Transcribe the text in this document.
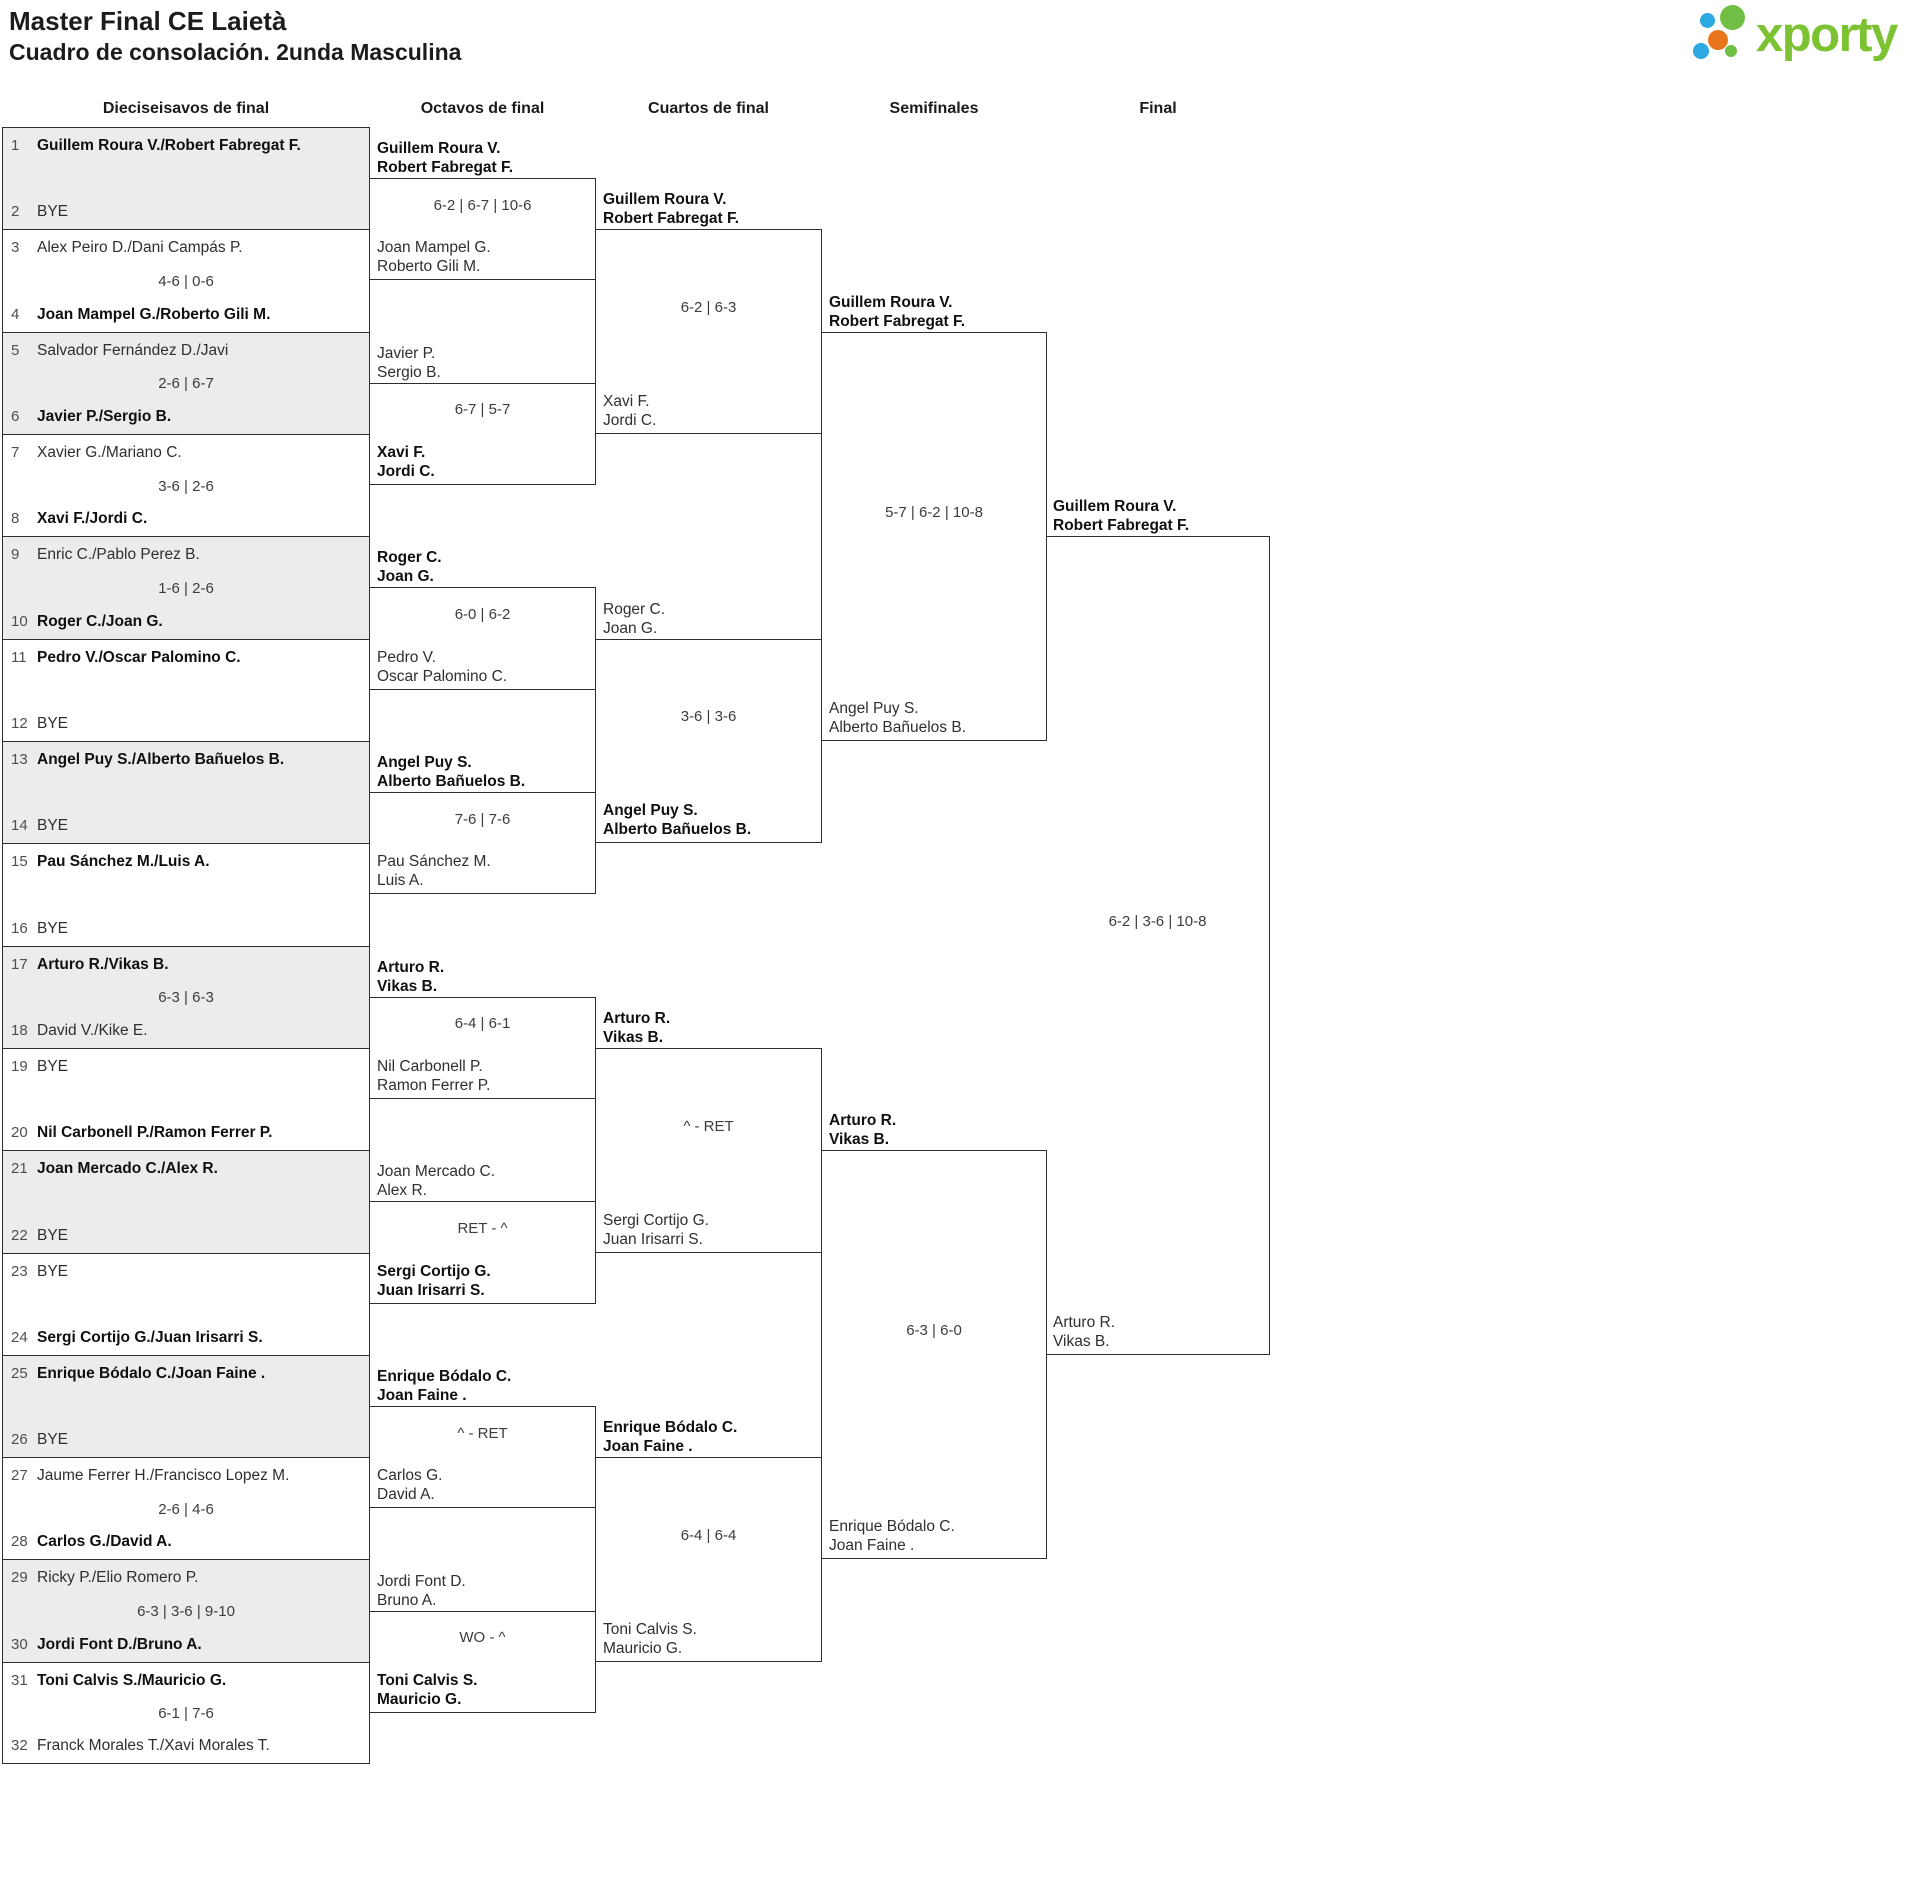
Master Final CE Laietà
Cuadro de consolación. 2unda Masculina	xporty
Dieciseisavos de final	Octavos de final	Cuartos de final	Semifinales	Final
1 Guillem Roura V./Robert Fabregat F.
2 BYE
3 Alex Peiro D./Dani Campás P.
4 Joan Mampel G./Roberto Gili M.
4-6 | 0-6
5 Salvador Fernández D./Javi
6 Javier P./Sergio B.
2-6 | 6-7
7 Xavier G./Mariano C.
8 Xavi F./Jordi C.
3-6 | 2-6
9 Enric C./Pablo Perez B.
10 Roger C./Joan G.
1-6 | 2-6
11 Pedro V./Oscar Palomino C.
12 BYE
13 Angel Puy S./Alberto Bañuelos B.
14 BYE
15 Pau Sánchez M./Luis A.
16 BYE
17 Arturo R./Vikas B.
18 David V./Kike E.
6-3 | 6-3
19 BYE
20 Nil Carbonell P./Ramon Ferrer P.
21 Joan Mercado C./Alex R.
22 BYE
23 BYE
24 Sergi Cortijo G./Juan Irisarri S.
25 Enrique Bódalo C./Joan Faine .
26 BYE
27 Jaume Ferrer H./Francisco Lopez M.
28 Carlos G./David A.
2-6 | 4-6
29 Ricky P./Elio Romero P.
30 Jordi Font D./Bruno A.
6-3 | 3-6 | 9-10
31 Toni Calvis S./Mauricio G.
32 Franck Morales T./Xavi Morales T.
6-1 | 7-6
Guillem Roura V.
Robert Fabregat F.
Joan Mampel G.
Roberto Gili M.
6-2 | 6-7 | 10-6
Javier P.
Sergio B.
Xavi F.
Jordi C.
6-7 | 5-7
Roger C.
Joan G.
Pedro V.
Oscar Palomino C.
6-0 | 6-2
Angel Puy S.
Alberto Bañuelos B.
Pau Sánchez M.
Luis A.
7-6 | 7-6
Arturo R.
Vikas B.
Nil Carbonell P.
Ramon Ferrer P.
6-4 | 6-1
Joan Mercado C.
Alex R.
Sergi Cortijo G.
Juan Irisarri S.
RET - ^
Enrique Bódalo C.
Joan Faine .
Carlos G.
David A.
^ - RET
Jordi Font D.
Bruno A.
Toni Calvis S.
Mauricio G.
WO - ^
Guillem Roura V.
Robert Fabregat F.
Xavi F.
Jordi C.
6-2 | 6-3
Roger C.
Joan G.
Angel Puy S.
Alberto Bañuelos B.
3-6 | 3-6
Arturo R.
Vikas B.
Sergi Cortijo G.
Juan Irisarri S.
^ - RET
Enrique Bódalo C.
Joan Faine .
Toni Calvis S.
Mauricio G.
6-4 | 6-4
Guillem Roura V.
Robert Fabregat F.
Angel Puy S.
Alberto Bañuelos B.
5-7 | 6-2 | 10-8
Arturo R.
Vikas B.
Enrique Bódalo C.
Joan Faine .
6-3 | 6-0
Guillem Roura V.
Robert Fabregat F.
Arturo R.
Vikas B.
6-2 | 3-6 | 10-8
